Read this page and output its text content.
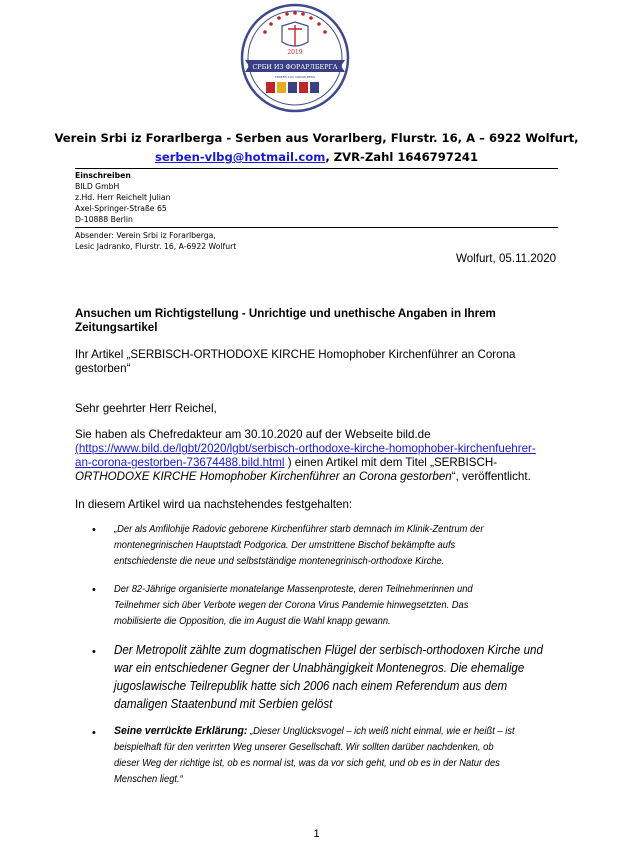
2019
СРБИ ИЗ ФОРАРЛБЕРГА
SERBEN AUS VORARLBERG
Verein Srbi iz Forarlberga - Serben aus Vorarlberg, Flurstr. 16, A – 6922 Wolfurt,
serben-vlbg@hotmail.com, ZVR-Zahl 1646797241
Einschreiben
BILD GmbH
z.Hd. Herr Reichelt Julian
Axel-Springer-Straße 65
D-10888 Berlin
Absender: Verein Srbi iz Forarlberga,
Lesic Jadranko, Flurstr. 16, A-6922 Wolfurt
Wolfurt, 05.11.2020
Ansuchen um Richtigstellung - Unrichtige und unethische Angaben in Ihrem
Zeitungsartikel
Ihr Artikel „SERBISCH-ORTHODOXE KIRCHE Homophober Kirchenführer an Corona
gestorben“
Sehr geehrter Herr Reichel,
Sie haben als Chefredakteur am 30.10.2020 auf der Webseite bild.de
(https://www.bild.de/lgbt/2020/lgbt/serbisch-orthodoxe-kirche-homophober-kirchenfuehrer-
an-corona-gestorben-73674488.bild.html ) einen Artikel mit dem Titel „SERBISCH-
ORTHODOXE KIRCHE Homophober Kirchenführer an Corona gestorben“, veröffentlicht.
In diesem Artikel wird ua nachstehendes festgehalten:
• „Der als Amfilohije Radovic geborene Kirchenführer starb demnach im Klinik-Zentrum der
montenegrinischen Hauptstadt Podgorica. Der umstrittene Bischof bekämpfte aufs
entschiedenste die neue und selbstständige montenegrinisch-orthodoxe Kirche.
• Der 82-Jährige organisierte monatelange Massenproteste, deren Teilnehmerinnen und
Teilnehmer sich über Verbote wegen der Corona Virus Pandemie hinwegsetzten. Das
mobilisierte die Opposition, die im August die Wahl knapp gewann.
• Der Metropolit zählte zum dogmatischen Flügel der serbisch-orthodoxen Kirche und
war ein entschiedener Gegner der Unabhängigkeit Montenegros. Die ehemalige
jugoslawische Teilrepublik hatte sich 2006 nach einem Referendum aus dem
damaligen Staatenbund mit Serbien gelöst
• Seine verrückte Erklärung: „Dieser Unglücksvogel – ich weiß nicht einmal, wie er heißt – ist
beispielhaft für den verirrten Weg unserer Gesellschaft. Wir sollten darüber nachdenken, ob
dieser Weg der richtige ist, ob es normal ist, was da vor sich geht, und ob es in der Natur des
Menschen liegt.“
1
